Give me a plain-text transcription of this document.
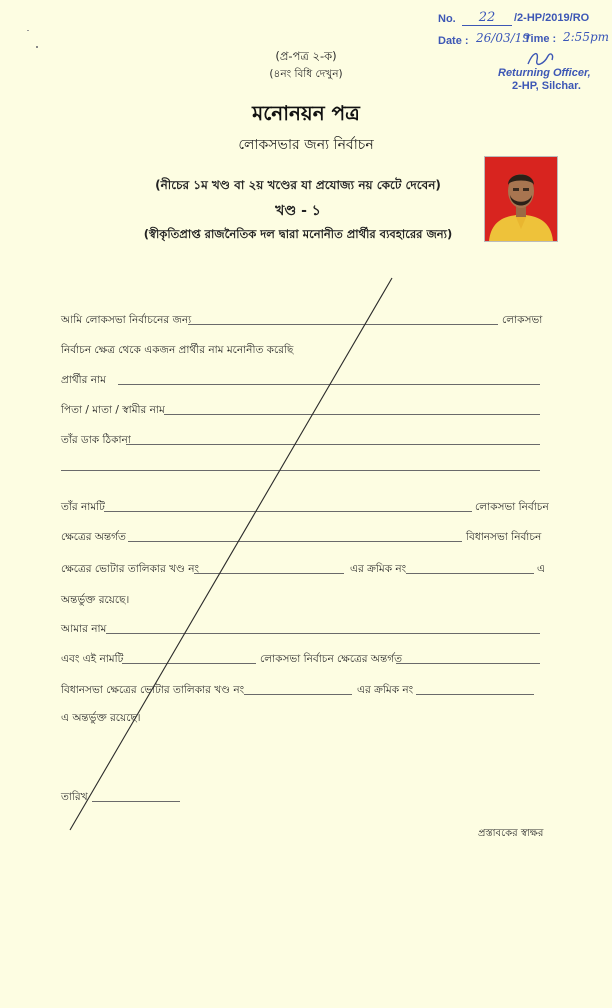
No.	22	/2-HP/2019/RO
Date : 26/03/19
Time : 2:55pm
Returning Officer,
2-HP, Silchar.
(প্র-পত্র ২-ক)
(৪নং বিধি দেখুন)
মনোনয়ন পত্র
লোকসভার জন্য নির্বাচন
(নীচের ১ম খণ্ড বা ২য় খণ্ডের যা প্রযোজ্য নয় কেটে দেবেন)
খণ্ড - ১
(স্বীকৃতিপ্রাপ্ত রাজনৈতিক দল দ্বারা মনোনীত প্রার্থীর ব্যবহারের জন্য)
আমি লোকসভা নির্বাচনের জন্য	লোকসভা
নির্বাচন ক্ষেত্র থেকে একজন প্রার্থীর নাম মনোনীত করেছি
প্রার্থীর নাম
পিতা / মাতা / স্বামীর নাম
তাঁর ডাক ঠিকানা
তাঁর নামটি	লোকসভা নির্বাচন
ক্ষেত্রের অন্তর্গত	বিধানসভা নির্বাচন
ক্ষেত্রের ভোটার তালিকার খণ্ড নং	এর ক্রমিক নং	এ
অন্তর্ভুক্ত রয়েছে।
আমার নাম
এবং এই নামটি	লোকসভা নির্বাচন ক্ষেত্রের অন্তর্গত
বিধানসভা ক্ষেত্রের ভোটার তালিকার খণ্ড নং	এর ক্রমিক নং
এ অন্তর্ভুক্ত রয়েছে।
তারিখ
প্রস্তাবকের স্বাক্ষর
